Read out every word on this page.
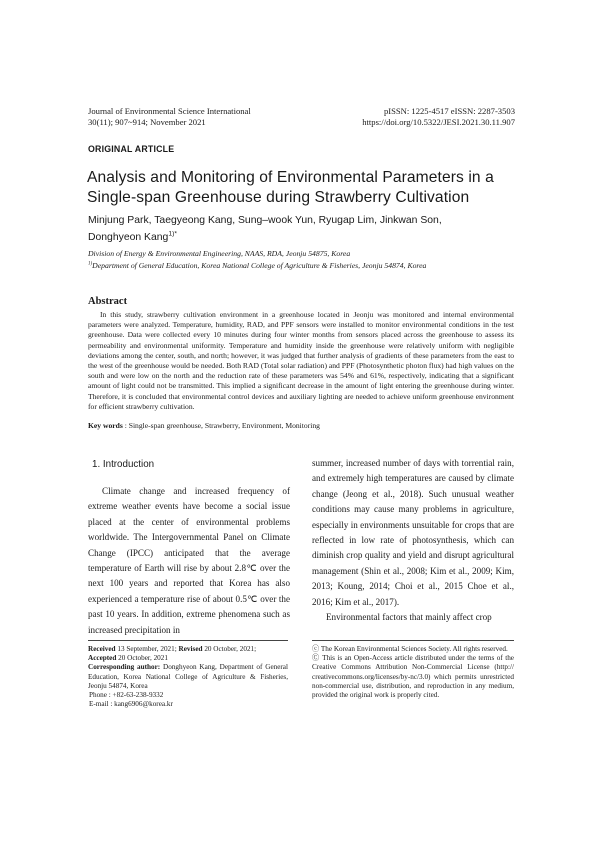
Journal of Environmental Science International
30(11); 907~914; November 2021
pISSN: 1225-4517 eISSN: 2287-3503
https://doi.org/10.5322/JESI.2021.30.11.907
ORIGINAL ARTICLE
Analysis and Monitoring of Environmental Parameters in a
Single-span Greenhouse during Strawberry Cultivation
Minjung Park, Taegyeong Kang, Sung–wook Yun, Ryugap Lim, Jinkwan Son,
Donghyeon Kang$^{1)*}$
Division of Energy & Environmental Engineering, NAAS, RDA, Jeonju 54875, Korea
$^{1)}$Department of General Education, Korea National College of Agriculture & Fisheries, Jeonju 54874, Korea
Abstract
In this study, strawberry cultivation environment in a greenhouse located in Jeonju was monitored and internal environmental parameters were analyzed. Temperature, humidity, RAD, and PPF sensors were installed to monitor environmental conditions in the test greenhouse. Data were collected every 10 minutes during four winter months from sensors placed across the greenhouse to assess its permeability and environmental uniformity. Temperature and humidity inside the greenhouse were relatively uniform with negligible deviations among the center, south, and north; however, it was judged that further analysis of gradients of these parameters from the east to the west of the greenhouse would be needed. Both RAD (Total solar radiation) and PPF (Photosynthetic photon flux) had high values on the south and were low on the north and the reduction rate of these parameters was 54% and 61%, respectively, indicating that a significant amount of light could not be transmitted. This implied a significant decrease in the amount of light entering the greenhouse during winter. Therefore, it is concluded that environmental control devices and auxiliary lighting are needed to achieve uniform greenhouse environment for efficient strawberry cultivation.
Key words : Single-span greenhouse, Strawberry, Environment, Monitoring
1. Introduction

Climate change and increased frequency of extreme weather events have become a social issue placed at the center of environmental problems worldwide. The Intergovernmental Panel on Climate Change (IPCC) anticipated that the average temperature of Earth will rise by about 2.8℃ over the next 100 years and reported that Korea has also experienced a temperature rise of about 0.5℃ over the past 10 years. In addition, extreme phenomena such as increased precipitation in

summer, increased number of days with torrential rain, and extremely high temperatures are caused by climate change (Jeong et al., 2018). Such unusual weather conditions may cause many problems in agriculture, especially in environments unsuitable for crops that are reflected in low rate of photosynthesis, which can diminish crop quality and yield and disrupt agricultural management (Shin et al., 2008; Kim et al., 2009; Kim, 2013; Koung, 2014; Choi et al., 2015 Choe et al., 2016; Kim et al., 2017).

Environmental factors that mainly affect crop

Received 13 September, 2021; Revised 20 October, 2021;

Accepted 20 October, 2021

Corresponding author: Donghyeon Kang, Department of General Education, Korea National College of Agriculture & Fisheries, Jeonju 54874, Korea

Phone : +82-63-238-9332

E-mail : kang6906@korea.kr

ⓒ The Korean Environmental Sciences Society. All rights reserved.

Ⓒ This is an Open-Access article distributed under the terms of the Creative Commons Attribution Non-Commercial License (http:// creativecommons.org/licenses/by-nc/3.0) which permits unrestricted non-commercial use, distribution, and reproduction in any medium, provided the original work is properly cited.
